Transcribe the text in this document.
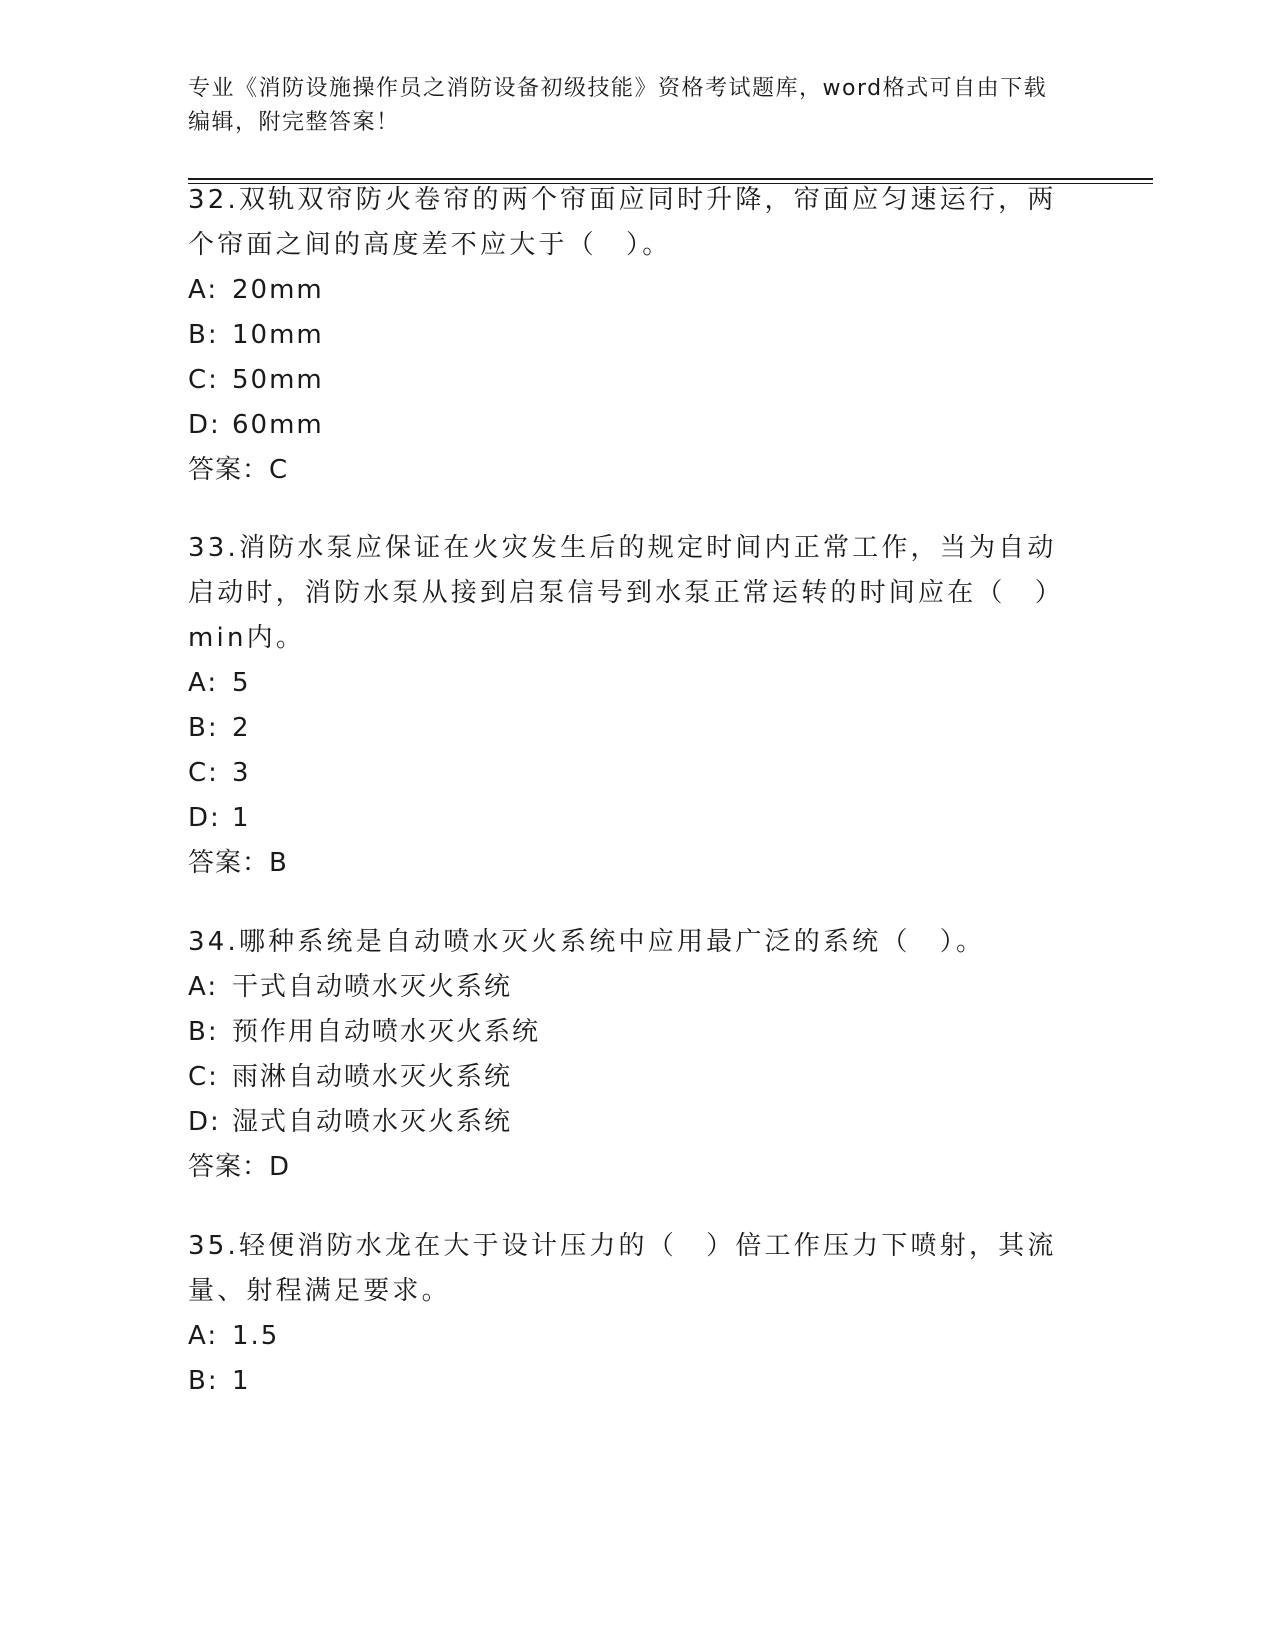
专业《消防设施操作员之消防设备初级技能》资格考试题库，word格式可自由下载编辑，附完整答案！

32.双轨双帘防火卷帘的两个帘面应同时升降，帘面应匀速运行，两个帘面之间的高度差不应大于（　）。

A: 20mm

B: 10mm

C: 50mm

D: 60mm

答案：C

33.消防水泵应保证在火灾发生后的规定时间内正常工作，当为自动启动时，消防水泵从接到启泵信号到水泵正常运转的时间应在（　）min内。

A: 5

B: 2

C: 3

D: 1

答案：B

34.哪种系统是自动喷水灭火系统中应用最广泛的系统（　）。

A: 干式自动喷水灭火系统

B: 预作用自动喷水灭火系统

C: 雨淋自动喷水灭火系统

D: 湿式自动喷水灭火系统

答案：D

35.轻便消防水龙在大于设计压力的（　）倍工作压力下喷射，其流量、射程满足要求。

A: 1.5

B: 1
